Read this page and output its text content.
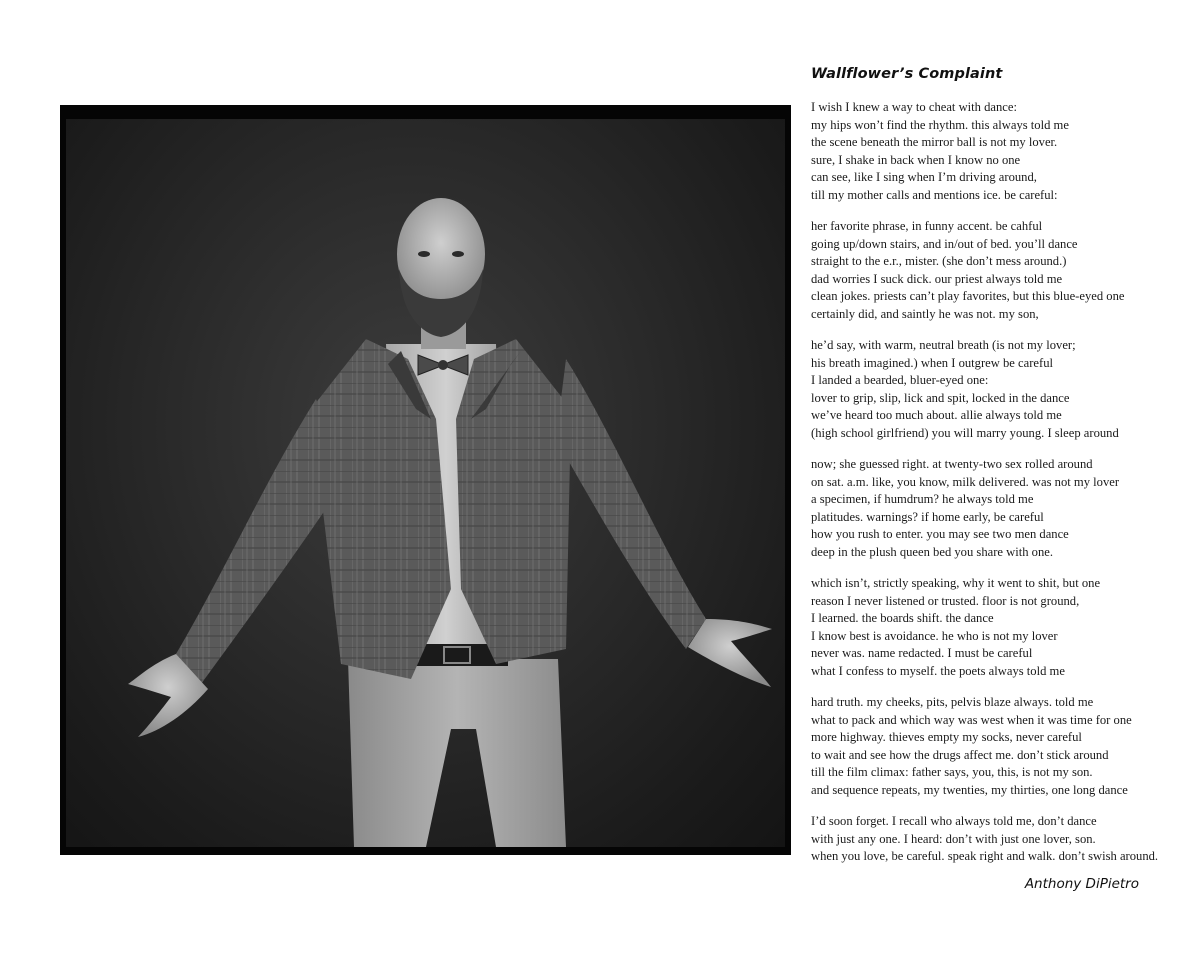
Wallflower’s Complaint
I wish I knew a way to cheat with dance:
my hips won’t find the rhythm. this always told me
the scene beneath the mirror ball is not my lover.
sure, I shake in back when I know no one
can see, like I sing when I’m driving around,
till my mother calls and mentions ice. be careful:
her favorite phrase, in funny accent. be cahful
going up/down stairs, and in/out of bed. you’ll dance
straight to the e.r., mister. (she don’t mess around.)
dad worries I suck dick. our priest always told me
clean jokes. priests can’t play favorites, but this blue-eyed one
certainly did, and saintly he was not. my son,
he’d say, with warm, neutral breath (is not my lover;
his breath imagined.) when I outgrew be careful
I landed a bearded, bluer-eyed one:
lover to grip, slip, lick and spit, locked in the dance
we’ve heard too much about. allie always told me
(high school girlfriend) you will marry young. I sleep around
now; she guessed right. at twenty-two sex rolled around
on sat. a.m. like, you know, milk delivered. was not my lover
a specimen, if humdrum? he always told me
platitudes. warnings? if home early, be careful
how you rush to enter. you may see two men dance
deep in the plush queen bed you share with one.
which isn’t, strictly speaking, why it went to shit, but one
reason I never listened or trusted. floor is not ground,
I learned. the boards shift. the dance
I know best is avoidance. he who is not my lover
never was. name redacted. I must be careful
what I confess to myself. the poets always told me
hard truth. my cheeks, pits, pelvis blaze always. told me
what to pack and which way was west when it was time for one
more highway. thieves empty my socks, never careful
to wait and see how the drugs affect me. don’t stick around
till the film climax: father says, you, this, is not my son.
and sequence repeats, my twenties, my thirties, one long dance
I’d soon forget. I recall who always told me, don’t dance
with just any one. I heard: don’t with just one lover, son.
when you love, be careful. speak right and walk. don’t swish around.
Anthony DiPietro
